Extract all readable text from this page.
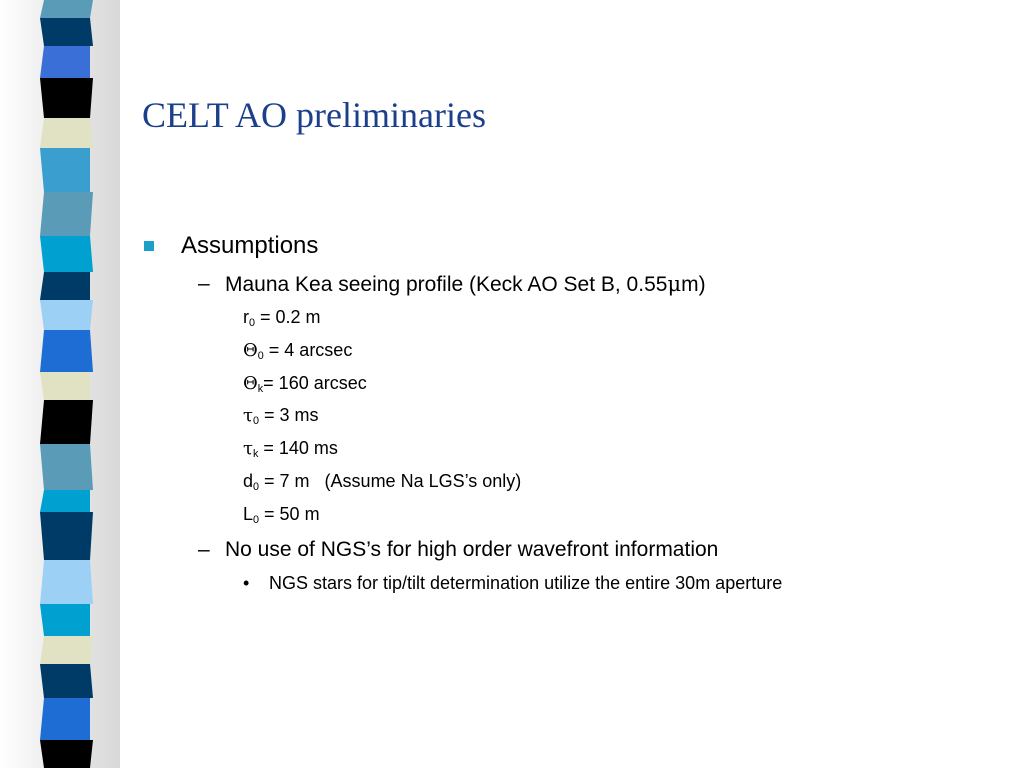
CELT AO preliminaries
Assumptions
– Mauna Kea seeing profile (Keck AO Set B, 0.55μm)
$r_0 = 0.2$ m
$\Theta_0 = 4$ arcsec
$\Theta_k= 160$ arcsec
$\tau_0 = 3$ ms
$\tau_k = 140$ ms
$d_0 = 7$ m   (Assume Na LGS’s only)
$L_0 = 50$ m
– No use of NGS’s for high order wavefront information
• NGS stars for tip/tilt determination utilize the entire 30m aperture
